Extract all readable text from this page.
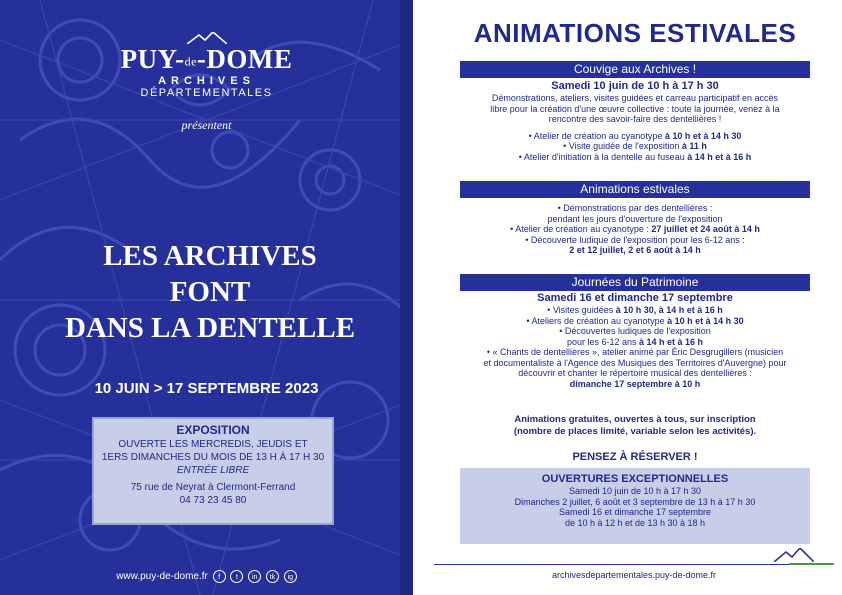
PUY-de-DOME
ARCHIVES
DÉPARTEMENTALES
présentent
LES ARCHIVES
FONT
DANS LA DENTELLE
10 JUIN > 17 SEPTEMBRE 2023
EXPOSITION
OUVERTE LES MERCREDIS, JEUDIS ET
1ERS DIMANCHES DU MOIS DE 13 H À 17 H 30
ENTRÉE LIBRE
75 rue de Neyrat à Clermont-Ferrand
04 73 23 45 80
www.puy-de-dome.fr f t in tk ig
ANIMATIONS ESTIVALES
Couvige aux Archives !
Samedi 10 juin de 10 h à 17 h 30
Démonstrations, ateliers, visites guidées et carreau participatif en accès
libre pour la création d'une œuvre collective : toute la journée, venez à la
rencontre des savoir-faire des dentellières !
• Atelier de création au cyanotype à 10 h et à 14 h 30
• Visite guidée de l'exposition à 11 h
• Atelier d'initiation à la dentelle au fuseau à 14 h et à 16 h
Animations estivales
• Démonstrations par des dentellières :
pendant les jours d'ouverture de l'exposition
• Atelier de création au cyanotype : 27 juillet et 24 août à 14 h
• Découverte ludique de l'exposition pour les 6-12 ans :
2 et 12 juillet, 2 et 6 août à 14 h
Journées du Patrimoine
Samedi 16 et dimanche 17 septembre
• Visites guidées à 10 h 30, à 14 h et à 16 h
• Ateliers de création au cyanotype à 10 h et à 14 h 30
• Découvertes ludiques de l'exposition
pour les 6-12 ans à 14 h et à 16 h
• « Chants de dentellières », atelier animé par Éric Desgrugillers (musicien
et documentaliste à l'Agence des Musiques des Territoires d'Auvergne) pour
découvrir et chanter le répertoire musical des dentellières :
dimanche 17 septembre à 10 h
Animations gratuites, ouvertes à tous, sur inscription
(nombre de places limité, variable selon les activités).
PENSEZ À RÉSERVER !
OUVERTURES EXCEPTIONNELLES
Samedi 10 juin de 10 h à 17 h 30
Dimanches 2 juillet, 6 août et 3 septembre de 13 h à 17 h 30
Samedi 16 et dimanche 17 septembre
de 10 h à 12 h et de 13 h 30 à 18 h
archivesdepartementales.puy-de-dome.fr
